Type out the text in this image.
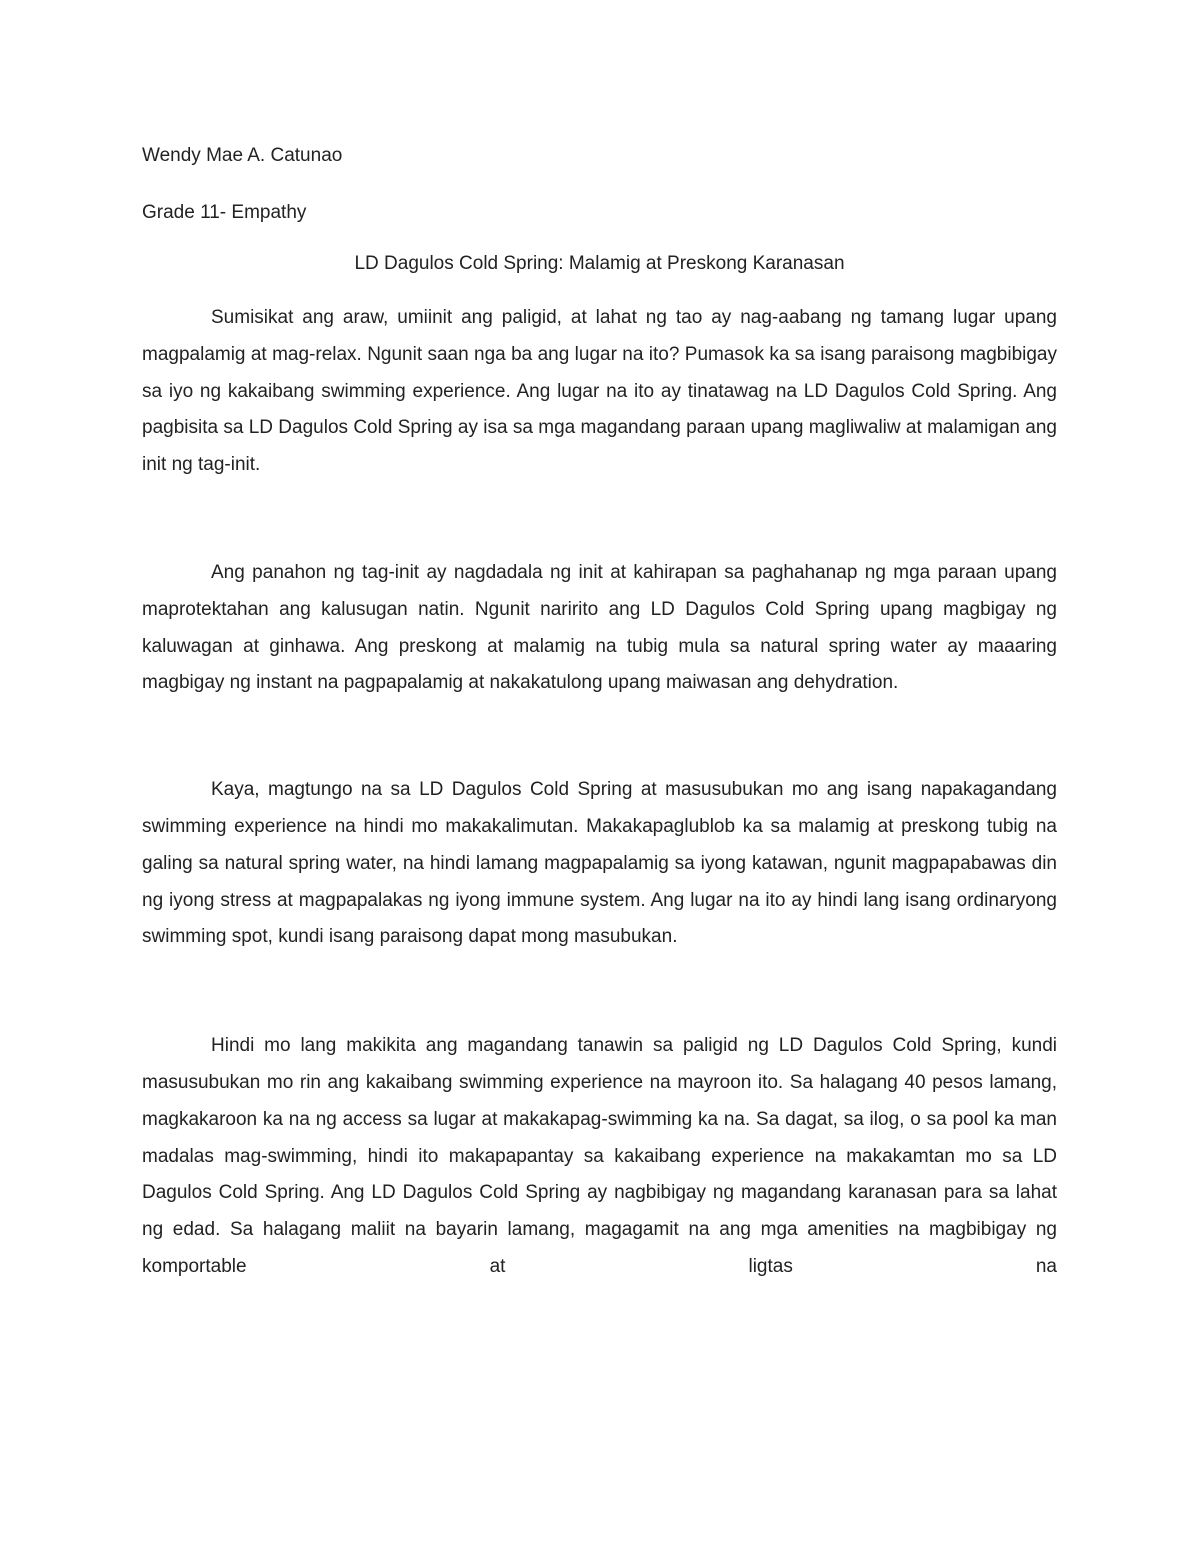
Wendy Mae A. Catunao

Grade 11- Empathy

LD Dagulos Cold Spring: Malamig at Preskong Karanasan

Sumisikat ang araw, umiinit ang paligid, at lahat ng tao ay nag-aabang ng tamang lugar upang magpalamig at mag-relax. Ngunit saan nga ba ang lugar na ito? Pumasok ka sa isang paraisong magbibigay sa iyo ng kakaibang swimming experience. Ang lugar na ito ay tinatawag na LD Dagulos Cold Spring. Ang pagbisita sa LD Dagulos Cold Spring ay isa sa mga magandang paraan upang magliwaliw at malamigan ang init ng tag-init.

Ang panahon ng tag-init ay nagdadala ng init at kahirapan sa paghahanap ng mga paraan upang maprotektahan ang kalusugan natin. Ngunit naririto ang LD Dagulos Cold Spring upang magbigay ng kaluwagan at ginhawa. Ang preskong at malamig na tubig mula sa natural spring water ay maaaring magbigay ng instant na pagpapalamig at nakakatulong upang maiwasan ang dehydration.

Kaya, magtungo na sa LD Dagulos Cold Spring at masusubukan mo ang isang napakagandang swimming experience na hindi mo makakalimutan. Makakapaglublob ka sa malamig at preskong tubig na galing sa natural spring water, na hindi lamang magpapalamig sa iyong katawan, ngunit magpapabawas din ng iyong stress at magpapalakas ng iyong immune system. Ang lugar na ito ay hindi lang isang ordinaryong swimming spot, kundi isang paraisong dapat mong masubukan.

Hindi mo lang makikita ang magandang tanawin sa paligid ng LD Dagulos Cold Spring, kundi masusubukan mo rin ang kakaibang swimming experience na mayroon ito. Sa halagang 40 pesos lamang, magkakaroon ka na ng access sa lugar at makakapag-swimming ka na. Sa dagat, sa ilog, o sa pool ka man madalas mag-swimming, hindi ito makapapantay sa kakaibang experience na makakamtan mo sa LD Dagulos Cold Spring. Ang LD Dagulos Cold Spring ay nagbibigay ng magandang karanasan para sa lahat ng edad. Sa halagang maliit na bayarin lamang, magagamit na ang mga amenities na magbibigay ng komportable at ligtas na
